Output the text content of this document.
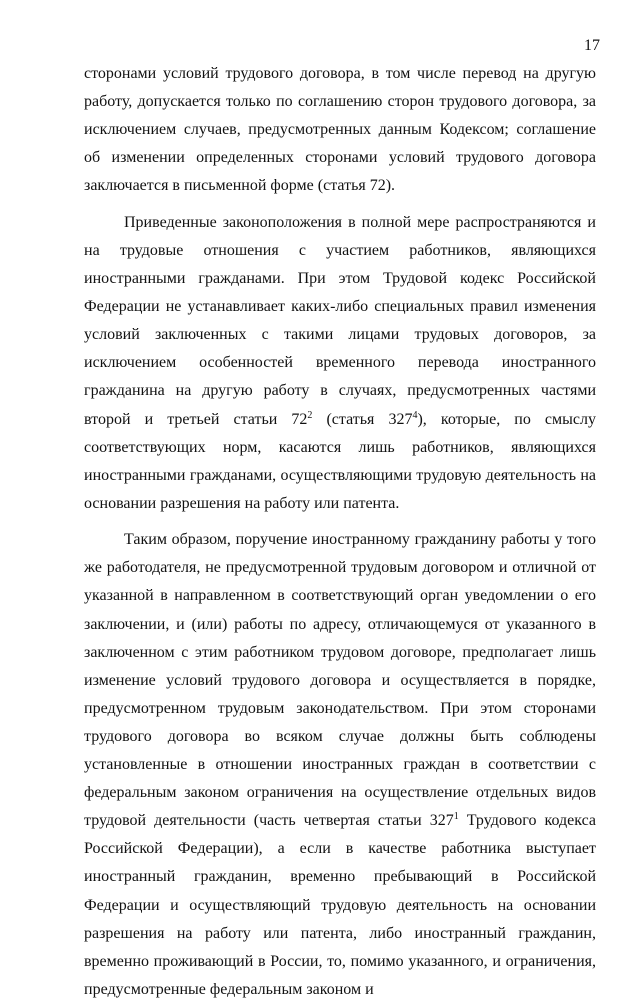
17

сторонами условий трудового договора, в том числе перевод на другую работу, допускается только по соглашению сторон трудового договора, за исключением случаев, предусмотренных данным Кодексом; соглашение об изменении определенных сторонами условий трудового договора заключается в письменной форме (статья 72).

Приведенные законоположения в полной мере распространяются и на трудовые отношения с участием работников, являющихся иностранными гражданами. При этом Трудовой кодекс Российской Федерации не устанавливает каких-либо специальных правил изменения условий заключенных с такими лицами трудовых договоров, за исключением особенностей временного перевода иностранного гражданина на другую работу в случаях, предусмотренных частями второй и третьей статьи $72^2$ (статья $327^4$), которые, по смыслу соответствующих норм, касаются лишь работников, являющихся иностранными гражданами, осуществляющими трудовую деятельность на основании разрешения на работу или патента.

Таким образом, поручение иностранному гражданину работы у того же работодателя, не предусмотренной трудовым договором и отличной от указанной в направленном в соответствующий орган уведомлении о его заключении, и (или) работы по адресу, отличающемуся от указанного в заключенном с этим работником трудовом договоре, предполагает лишь изменение условий трудового договора и осуществляется в порядке, предусмотренном трудовым законодательством. При этом сторонами трудового договора во всяком случае должны быть соблюдены установленные в отношении иностранных граждан в соответствии с федеральным законом ограничения на осуществление отдельных видов трудовой деятельности (часть четвертая статьи $327^1$ Трудового кодекса Российской Федерации), а если в качестве работника выступает иностранный гражданин, временно пребывающий в Российской Федерации и осуществляющий трудовую деятельность на основании разрешения на работу или патента, либо иностранный гражданин, временно проживающий в России, то, помимо указанного, и ограничения, предусмотренные федеральным законом и
